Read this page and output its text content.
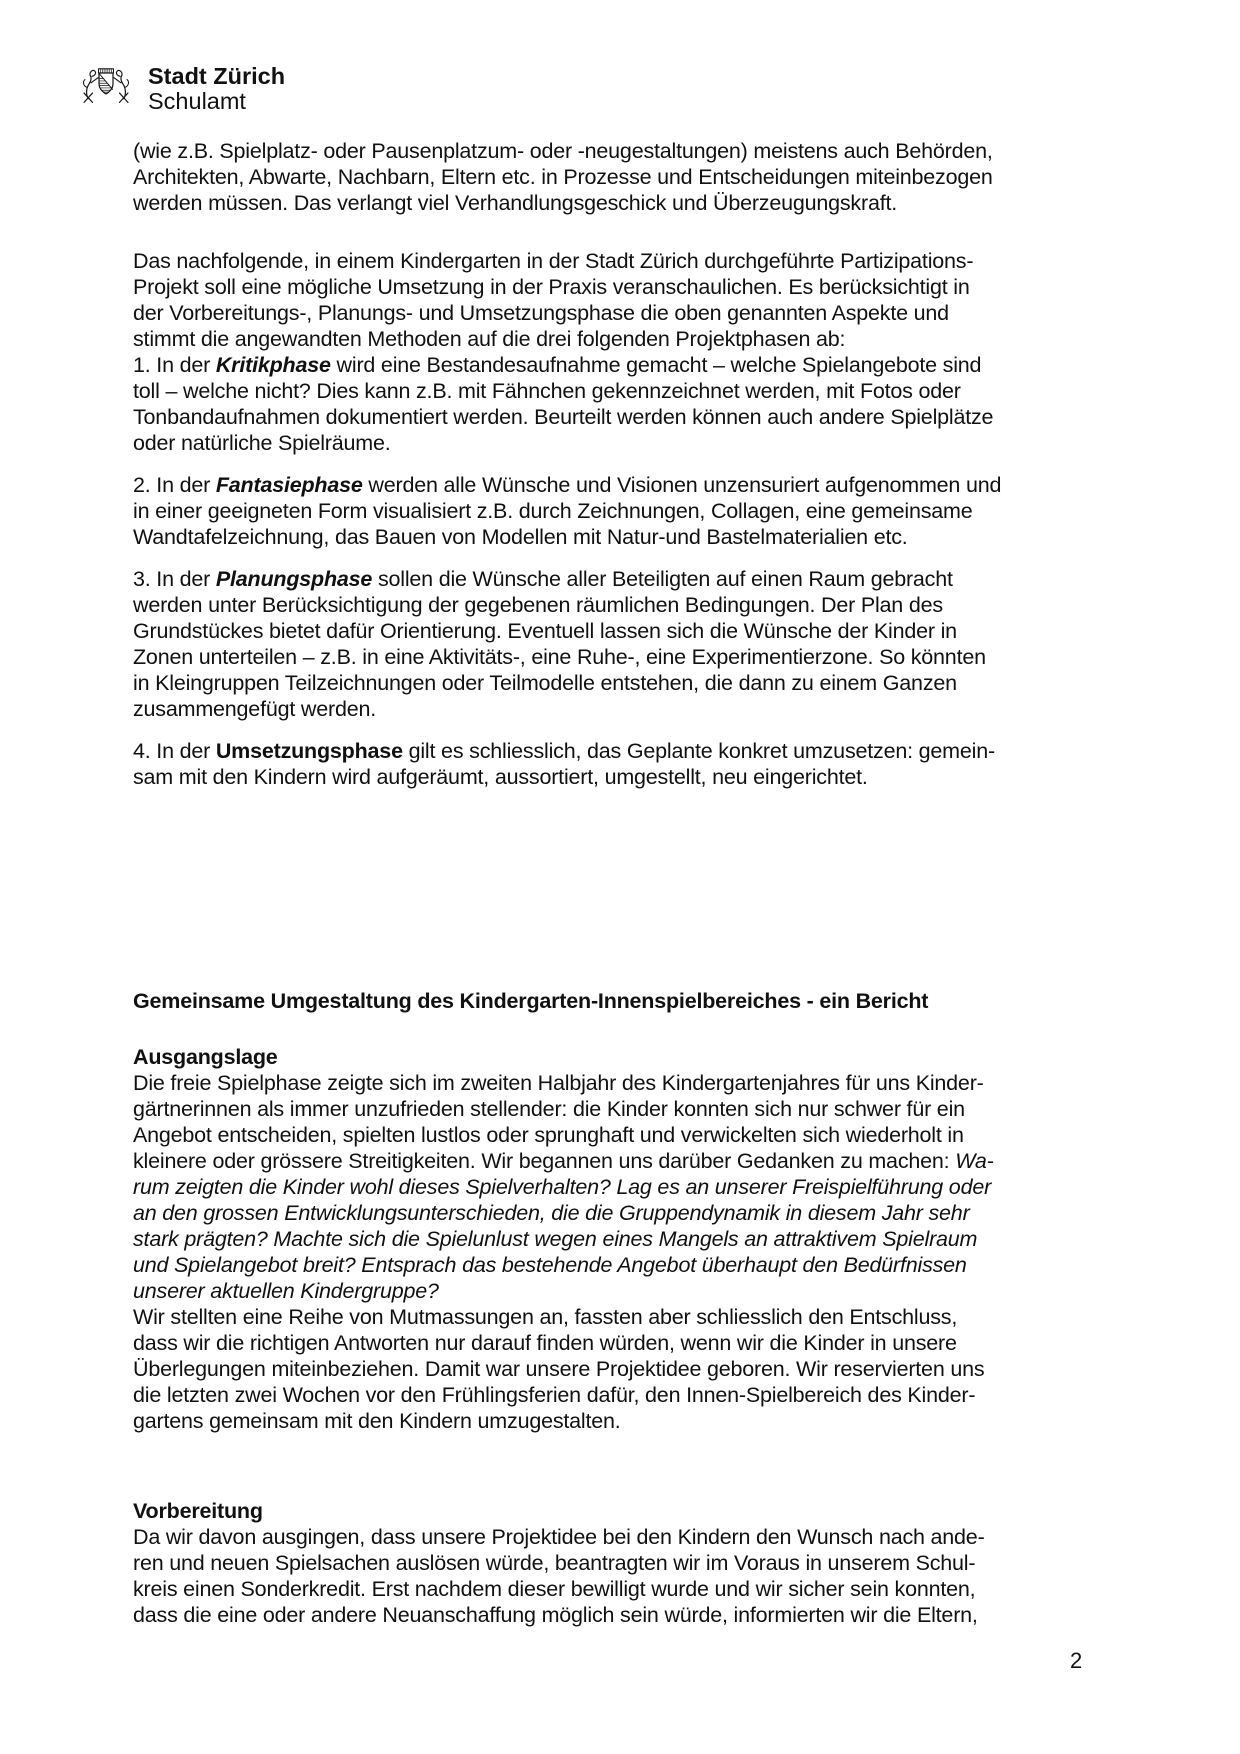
Stadt Zürich
Schulamt

(wie z.B. Spielplatz- oder Pausenplatzum- oder -neugestaltungen) meistens auch Behörden,
Architekten, Abwarte, Nachbarn, Eltern etc. in Prozesse und Entscheidungen miteinbezogen
werden müssen. Das verlangt viel Verhandlungsgeschick und Überzeugungskraft.

Das nachfolgende, in einem Kindergarten in der Stadt Zürich durchgeführte Partizipations-
Projekt soll eine mögliche Umsetzung in der Praxis veranschaulichen. Es berücksichtigt in
der Vorbereitungs-, Planungs- und Umsetzungsphase die oben genannten Aspekte und
stimmt die angewandten Methoden auf die drei folgenden Projektphasen ab:
1. In der Kritikphase wird eine Bestandesaufnahme gemacht – welche Spielangebote sind
toll – welche nicht? Dies kann z.B. mit Fähnchen gekennzeichnet werden, mit Fotos oder
Tonbandaufnahmen dokumentiert werden. Beurteilt werden können auch andere Spielplätze
oder natürliche Spielräume.

2. In der Fantasiephase werden alle Wünsche und Visionen unzensuriert aufgenommen und
in einer geeigneten Form visualisiert z.B. durch Zeichnungen, Collagen, eine gemeinsame
Wandtafelzeichnung, das Bauen von Modellen mit Natur-und Bastelmaterialien etc.

3. In der Planungsphase sollen die Wünsche aller Beteiligten auf einen Raum gebracht
werden unter Berücksichtigung der gegebenen räumlichen Bedingungen. Der Plan des
Grundstückes bietet dafür Orientierung. Eventuell lassen sich die Wünsche der Kinder in
Zonen unterteilen – z.B. in eine Aktivitäts-, eine Ruhe-, eine Experimentierzone. So könnten
in Kleingruppen Teilzeichnungen oder Teilmodelle entstehen, die dann zu einem Ganzen
zusammengefügt werden.

4. In der Umsetzungsphase gilt es schliesslich, das Geplante konkret umzusetzen: gemein-
sam mit den Kindern wird aufgeräumt, aussortiert, umgestellt, neu eingerichtet.

Gemeinsame Umgestaltung des Kindergarten-Innenspielbereiches - ein Bericht
Ausgangslage

Die freie Spielphase zeigte sich im zweiten Halbjahr des Kindergartenjahres für uns Kinder-
gärtnerinnen als immer unzufrieden stellender: die Kinder konnten sich nur schwer für ein
Angebot entscheiden, spielten lustlos oder sprunghaft und verwickelten sich wiederholt in
kleinere oder grössere Streitigkeiten. Wir begannen uns darüber Gedanken zu machen: Wa-
rum zeigten die Kinder wohl dieses Spielverhalten? Lag es an unserer Freispielführung oder
an den grossen Entwicklungsunterschieden, die die Gruppendynamik in diesem Jahr sehr
stark prägten? Machte sich die Spielunlust wegen eines Mangels an attraktivem Spielraum
und Spielangebot breit? Entsprach das bestehende Angebot überhaupt den Bedürfnissen
unserer aktuellen Kindergruppe?
Wir stellten eine Reihe von Mutmassungen an, fassten aber schliesslich den Entschluss,
dass wir die richtigen Antworten nur darauf finden würden, wenn wir die Kinder in unsere
Überlegungen miteinbeziehen. Damit war unsere Projektidee geboren. Wir reservierten uns
die letzten zwei Wochen vor den Frühlingsferien dafür, den Innen-Spielbereich des Kinder-
gartens gemeinsam mit den Kindern umzugestalten.

Vorbereitung

Da wir davon ausgingen, dass unsere Projektidee bei den Kindern den Wunsch nach ande-
ren und neuen Spielsachen auslösen würde, beantragten wir im Voraus in unserem Schul-
kreis einen Sonderkredit. Erst nachdem dieser bewilligt wurde und wir sicher sein konnten,
dass die eine oder andere Neuanschaffung möglich sein würde, informierten wir die Eltern,

2
